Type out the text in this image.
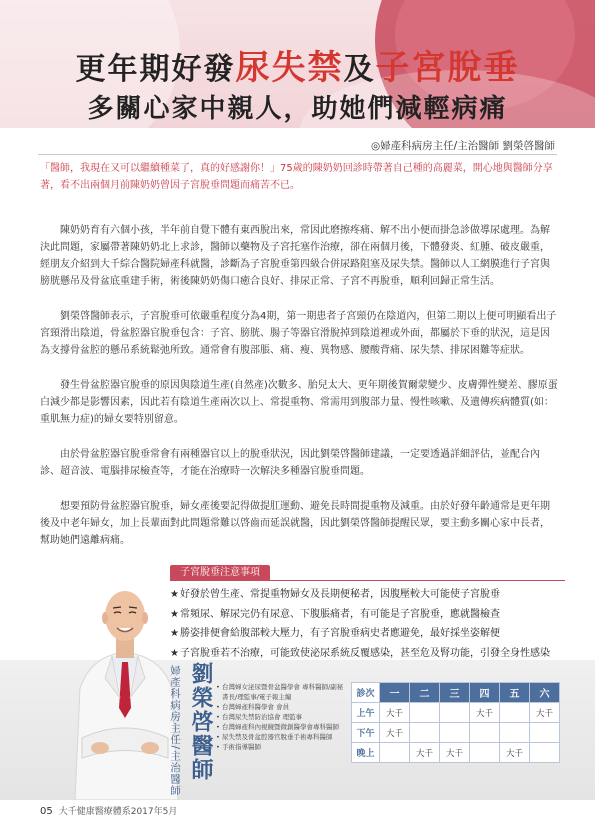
更年期好發尿失禁及子宮脫垂
多關心家中親人，助她們減輕病痛
◎婦產科病房主任/主治醫師 劉榮啓醫師

「醫師，我現在又可以繼續種菜了，真的好感謝你！」75歲的陳奶奶回診時帶著自己種的高麗菜，開心地與醫師分享著，看不出兩個月前陳奶奶曾因子宮脫垂問題而痛苦不已。

陳奶奶育有六個小孩，半年前自覺下體有東西脫出來，常因此磨擦疼痛、解不出小便而掛急診做導尿處理。為解決此問題，家屬帶著陳奶奶北上求診，醫師以藥物及子宮托塞作治療，卻在兩個月後，下體發炎、紅腫、破皮嚴重，經朋友介紹到大千綜合醫院婦產科就醫，診斷為子宮脫垂第四級合併尿路阻塞及尿失禁。醫師以人工網膜進行子宮與膀胱懸吊及骨盆底重建手術，術後陳奶奶傷口癒合良好、排尿正常、子宮不再脫垂，順利回歸正常生活。

劉榮啓醫師表示，子宮脫垂可依嚴重程度分為4期，第一期患者子宮頸仍在陰道內，但第二期以上便可明顯看出子宮頸滑出陰道，骨盆腔器官脫垂包含：子宮、膀胱、腸子等器官滑脫掉到陰道裡或外面，都屬於下垂的狀況，這是因為支撐骨盆腔的懸吊系統鬆弛所致。通常會有腹部脹、痛、瘦、異物感、腰酸背痛、尿失禁、排尿困難等症狀。

發生骨盆腔器官脫垂的原因與陰道生產(自然產)次數多、胎兒太大、更年期後賀爾蒙變少、皮膚彈性變差、膠原蛋白減少都是影響因素，因此若有陰道生產兩次以上、常提重物、常需用到腹部力量、慢性咳嗽、及遺傳疾病體質(如：重肌無力症)的婦女要特別留意。

由於骨盆腔器官脫垂常會有兩種器官以上的脫垂狀況，因此劉榮啓醫師建議，一定要透過詳細評估，並配合內診、超音波、電腦排尿檢查等，才能在治療時一次解決多種器官脫垂問題。

想要預防骨盆腔器官脫垂，婦女產後要記得做提肛運動、避免長時間提重物及減重。由於好發年齡通常是更年期後及中老年婦女，加上長輩面對此問題常難以啓齒而延誤就醫，因此劉榮啓醫師提醒民眾，要主動多關心家中長者，幫助她們遠離病痛。

婦產科病房主任/主治醫師 劉榮啓醫師	• 台灣婦女泌尿暨骨盆醫學會 專科醫師/副秘書長/理監事/電子報主編
• 台灣婦產科醫學會 會員
• 台灣尿失禁防治協會 理監事
• 台灣婦產科內視鏡暨微創醫學會專科醫師
• 尿失禁及骨盆腔器官脫垂手術專科醫師
• 手術指導醫師
診次	一	二	三	四	五	六
上午	大千			大千		大千
下午	大千					
晚上		大千	大千		大千	
子宮脫垂注意事項
★ 好發於曾生產、常提重物婦女及長期便秘者，因腹壓較大可能使子宮脫垂
★ 常頻尿、解尿完仍有尿意、下腹脹痛者，有可能是子宮脫垂，應就醫檢查
★ 勝姿排便會給腹部較大壓力，有子宮脫垂病史者應避免，最好採坐姿解便
★ 子宮脫垂若不治療，可能致使泌尿系統反覆感染，甚至危及腎功能，引發全身性感染
05 大千健康醫療體系2017年5月
